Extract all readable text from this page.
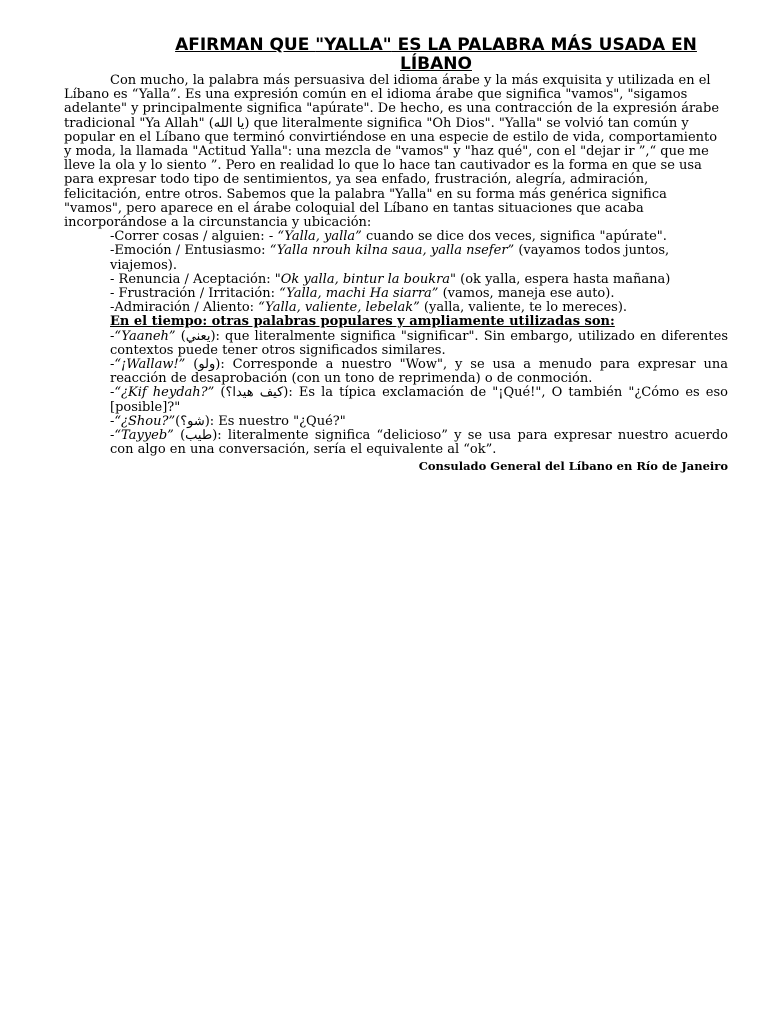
AFIRMAN QUE "YALLA" ES LA PALABRA MÁS USADA EN LÍBANO

Con mucho, la palabra más persuasiva del idioma árabe y la más exquisita y utilizada en el Líbano es “Yalla”. Es una expresión común en el idioma árabe que significa "vamos", "sigamos adelante" y principalmente significa "apúrate". De hecho, es una contracción de la expresión árabe tradicional "Ya Allah" (يا الله) que literalmente significa "Oh Dios". "Yalla" se volvió tan común y popular en el Líbano que terminó convirtiéndose en una especie de estilo de vida, comportamiento y moda, la llamada "Actitud Yalla": una mezcla de "vamos" y "haz qué", con el "dejar ir ”,“ que me lleve la ola y lo siento ”. Pero en realidad lo que lo hace tan cautivador es la forma en que se usa para expresar todo tipo de sentimientos, ya sea enfado, frustración, alegría, admiración, felicitación, entre otros. Sabemos que la palabra "Yalla" en su forma más genérica significa "vamos", pero aparece en el árabe coloquial del Líbano en tantas situaciones que acaba incorporándose a la circunstancia y ubicación:

-Correr cosas / alguien: - “Yalla, yalla” cuando se dice dos veces, significa "apúrate".

-Emoción / Entusiasmo: “Yalla nrouh kilna saua, yalla nsefer” (vayamos todos juntos, viajemos).

- Renuncia / Aceptación: "Ok yalla, bintur la boukra" (ok yalla, espera hasta mañana)

- Frustración / Irritación: “Yalla, machi Ha siarra” (vamos, maneja ese auto).

-Admiración / Aliento: “Yalla, valiente, lebelak” (yalla, valiente, te lo mereces).

En el tiempo: otras palabras populares y ampliamente utilizadas son:

-“Yaaneh” (يعني): que literalmente significa "significar". Sin embargo, utilizado en diferentes contextos puede tener otros significados similares.

-“¡Wallaw!” (ولو): Corresponde a nuestro "Wow", y se usa a menudo para expresar una reacción de desaprobación (con un tono de reprimenda) o de conmoción.

-“¿Kif heydah?” (كيف هيدا؟): Es la típica exclamación de "¡Qué!", O también "¿Cómo es eso [posible]?"

-“¿Shou?”(شو؟): Es nuestro "¿Qué?"

-“Tayyeb” (طيب): literalmente significa “delicioso” y se usa para expresar nuestro acuerdo con algo en una conversación, sería el equivalente al “ok”.

Consulado General del Líbano en Río de Janeiro
